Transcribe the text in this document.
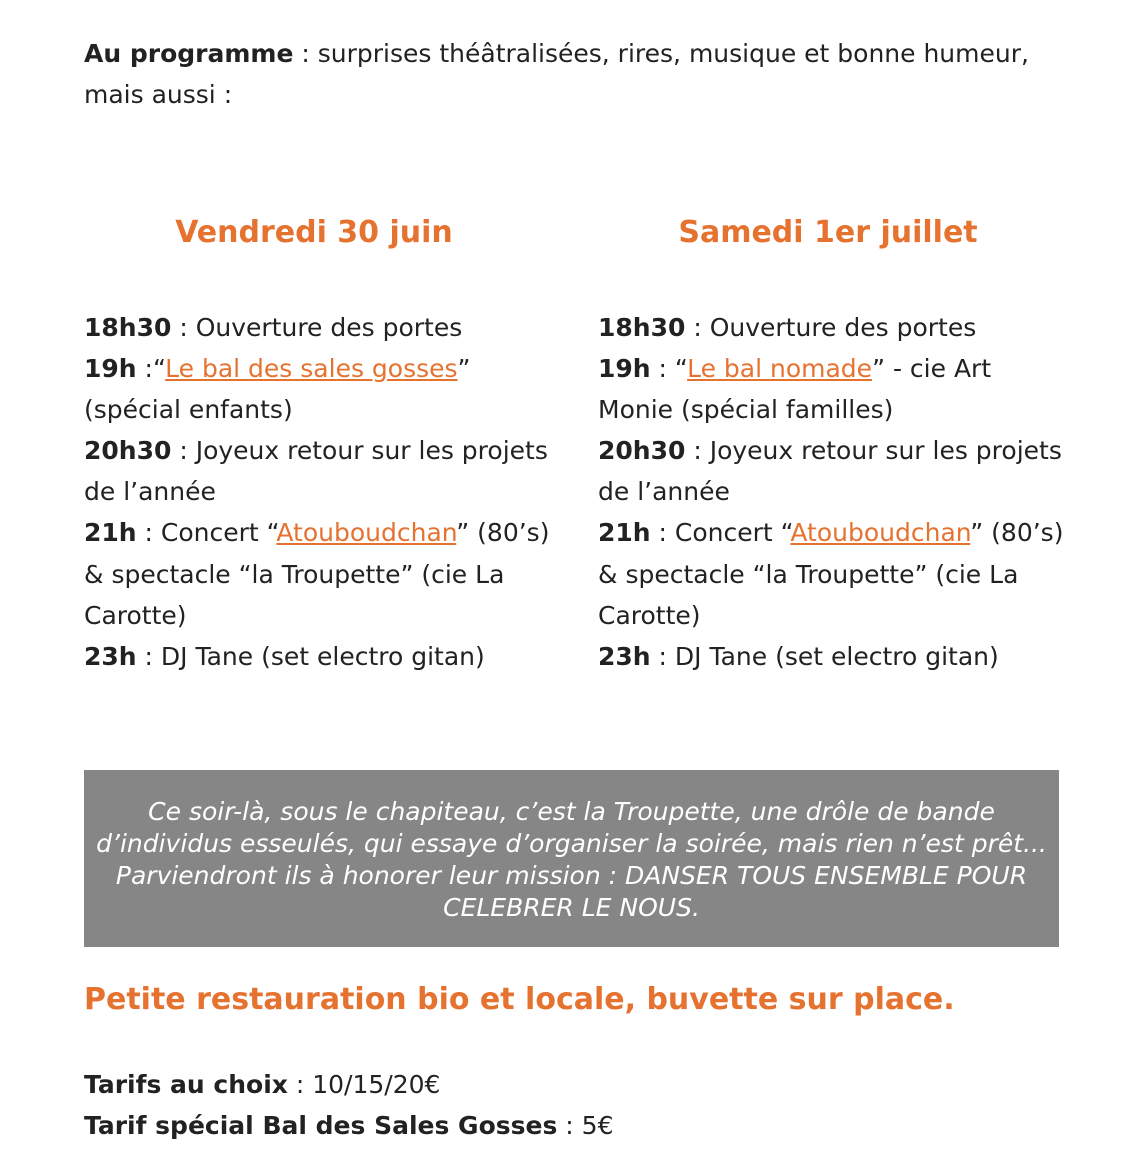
Au programme : surprises théâtralisées, rires, musique et bonne humeur, mais aussi :

Vendredi 30 juin

18h30 : Ouverture des portes
19h :“Le bal des sales gosses” (spécial enfants)
20h30 : Joyeux retour sur les projets de l’année
21h : Concert “Atouboudchan” (80’s) & spectacle “la Troupette” (cie La Carotte)
23h : DJ Tane (set electro gitan)

Samedi 1er juillet

18h30 : Ouverture des portes
19h : “Le bal nomade” - cie Art Monie (spécial familles)
20h30 : Joyeux retour sur les projets de l’année
21h : Concert “Atouboudchan” (80’s) & spectacle “la Troupette” (cie La Carotte)
23h : DJ Tane (set electro gitan)

Ce soir-là, sous le chapiteau, c’est la Troupette, une drôle de bande d’individus esseulés, qui essaye d’organiser la soirée, mais rien n’est prêt... Parviendront ils à honorer leur mission : DANSER TOUS ENSEMBLE POUR CELEBRER LE NOUS.
Petite restauration bio et locale, buvette sur place.

Tarifs au choix : 10/15/20€
Tarif spécial Bal des Sales Gosses : 5€
